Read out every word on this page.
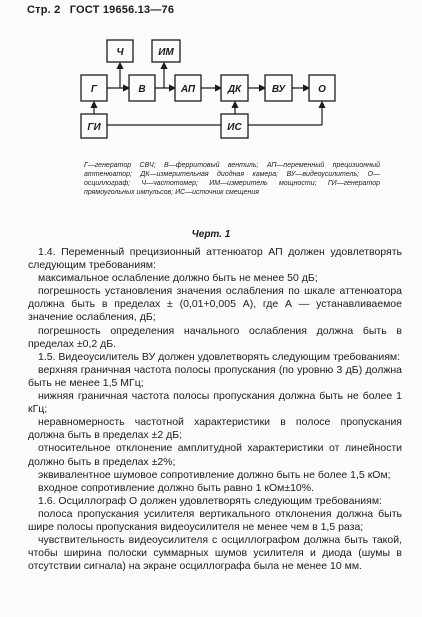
Стр. 2 ГОСТ 19656.13—76
Г	В	АП	ДК	ВУ	О
Ч	ИМ
ГИ	ИС
Г—генератор СВЧ; В—ферритовый вентиль; АП—переменный прецизионный аттенюатор; ДК—измерительная диодная камера; ВУ—видеоусилитель; О—осциллограф; Ч—частотомер; ИМ—измеритель мощности; ГИ—генератор прямоугольных импульсов; ИС—источник смещения
Черт. 1

1.4. Переменный прецизионный аттенюатор АП должен удовлетворять следующим требованиям:

максимальное ослабление должно быть не менее 50 дБ;

погрешность установления значения ослабления по шкале аттенюатора должна быть в пределах ± (0,01+0,005 А), где А — устанавливаемое значение ослабления, дБ;

погрешность определения начального ослабления должна быть в пределах ±0,2 дБ.

1.5. Видеоусилитель ВУ должен удовлетворять следующим требованиям:

верхняя граничная частота полосы пропускания (по уровню 3 дБ) должна быть не менее 1,5 МГц;

нижняя граничная частота полосы пропускания должна быть не более 1 кГц;

неравномерность частотной характеристики в полосе пропускания должна быть в пределах ±2 дБ;

относительное отклонение амплитудной характеристики от линейности должно быть в пределах ±2%;

эквивалентное шумовое сопротивление должно быть не более 1,5 кОм;

входное сопротивление должно быть равно 1 кОм±10%.

1.6. Осциллограф О должен удовлетворять следующим требованиям:

полоса пропускания усилителя вертикального отклонения должна быть шире полосы пропускания видеоусилителя не менее чем в 1,5 раза;

чувствительность видеоусилителя с осциллографом должна быть такой, чтобы ширина полоски суммарных шумов усилителя и диода (шумы в отсутствии сигнала) на экране осциллографа была не менее 10 мм.
